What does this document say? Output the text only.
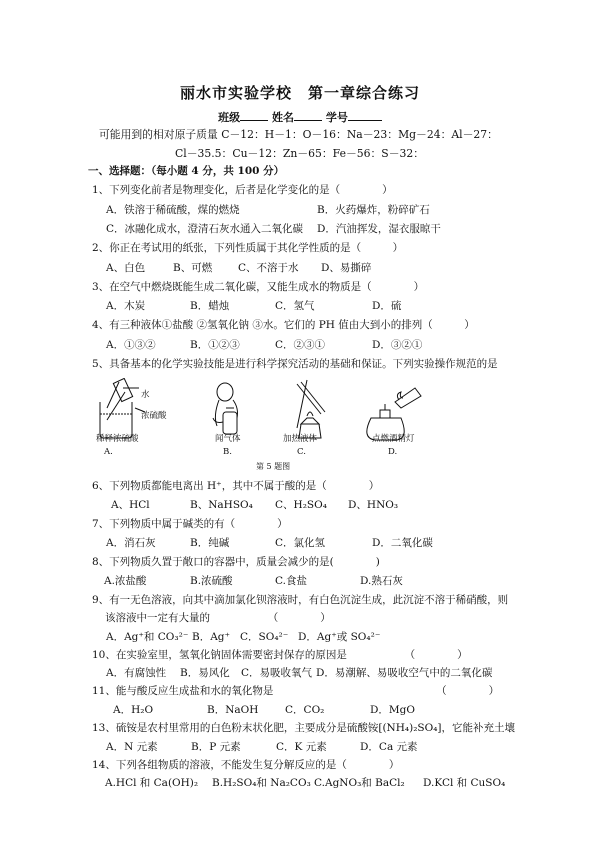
丽水市实验学校　第一章综合练习
班级	姓名	学号
可能用到的相对原子质量 C－12：H－1：O－16：Na－23：Mg－24：Al－27：
Cl－35.5：Cu－12：Zn－65：Fe－56：S－32：
一、选择题：（每小题 4 分，共 100 分）
1、下列变化前者是物理变化，后者是化学变化的是（　　　　）
A．铁溶于稀硫酸，煤的燃烧	B．火药爆炸，粉碎矿石
C．冰融化成水，澄清石灰水通入二氧化碳 D．汽油挥发，湿衣服晾干
2、你正在考试用的纸张，下列性质属于其化学性质的是（　　　）
A、白色	B、可燃 C、不溶于水 D、易撕碎
3、在空气中燃烧既能生成二氧化碳，又能生成水的物质是（　　　　）
A．木炭	B．蜡烛	C．氢气	D．硫
4、有三种液体①盐酸 ②氢氧化钠 ③水。它们的 PH 值由大到小的排列（　　　）
A．①③②	B．①②③	C．②③①	D．③②①
5、具备基本的化学实验技能是进行科学探究活动的基础和保证。下列实验操作规范的是
水
浓硫酸
稀释浓硫酸	闻气体	加热液体	点燃酒精灯
A.	B.	C.	D.
第 5 题图
6、下列物质都能电离出 H⁺，其中不属于酸的是（　　　　）
A、HCl	B、NaHSO₄ C、H₂SO₄ D、HNO₃
7、下列物质中属于碱类的有（　　　　）
A．消石灰	B．纯碱	C．氯化氢	D．二氧化碳
8、下列物质久置于敞口的容器中，质量会减少的是(　　　　)
A.浓盐酸	B.浓硫酸	C.食盐	D.熟石灰
9、有一无色溶液，向其中滴加氯化钡溶液时，有白色沉淀生成，此沉淀不溶于稀硝酸，则
该溶液中一定有大量的　　　　　　（　　　　）
A．Ag⁺和 CO₃²⁻ B．Ag⁺ C．SO₄²⁻ D．Ag⁺或 SO₄²⁻
10、在实验室里，氢氧化钠固体需要密封保存的原因是　　　　　　（　　　　）
A．有腐蚀性 B．易风化 C．易吸收氧气 D．易潮解、易吸收空气中的二氧化碳
11、能与酸反应生成盐和水的氧化物是　　　　　　　　　　　　　　　　（　　　　）
A．H₂O	B．NaOH	C．CO₂	D．MgO
13、硫铵是农村里常用的白色粉末状化肥，主要成分是硫酸铵[(NH₄)₂SO₄]，它能补充土壤
A．N 元素	B．P 元素	C．K 元素	D．Ca 元素
14、下列各组物质的溶液，不能发生复分解反应的是（　　　　）
A.HCl 和 Ca(OH)₂ B.H₂SO₄和 Na₂CO₃ C.AgNO₃和 BaCl₂ D.KCl 和 CuSO₄
